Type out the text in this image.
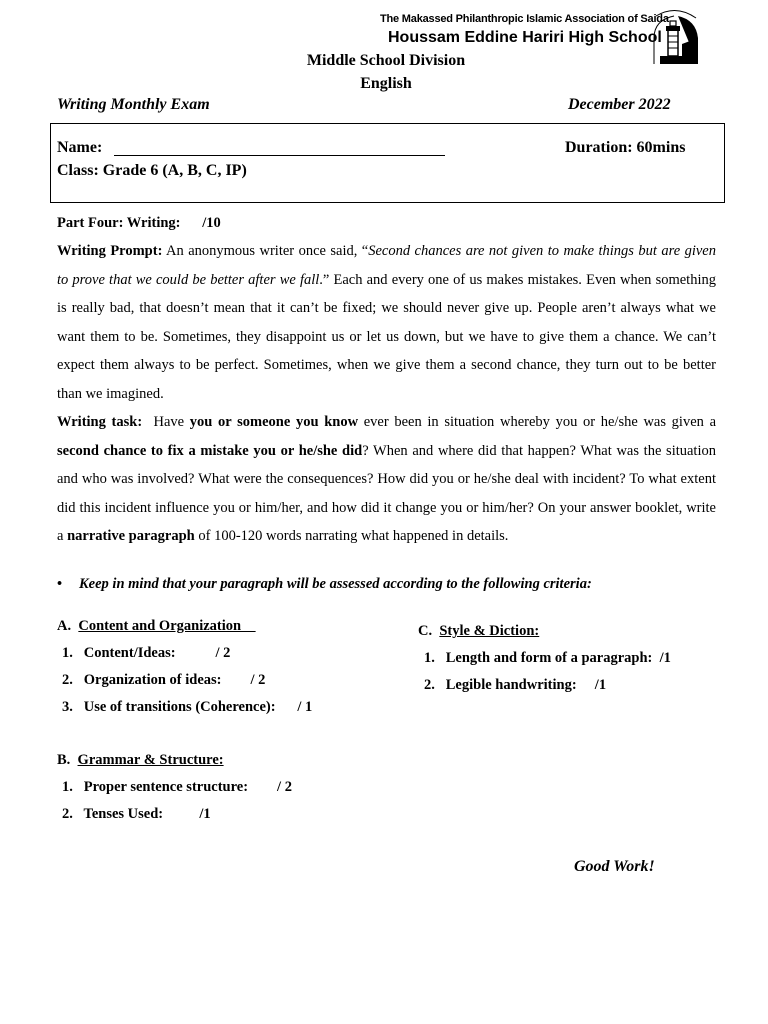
The Makassed Philanthropic Islamic Association of Saida
Houssam Eddine Hariri High School
Middle School Division
English
Writing Monthly Exam	December 2022
Name:	Duration: 60mins
Class: Grade 6 (A, B, C, IP)
Part Four: Writing: /10
Writing Prompt: An anonymous writer once said, “Second chances are not given to make things but are given to prove that we could be better after we fall.” Each and every one of us makes mistakes. Even when something is really bad, that doesn’t mean that it can’t be fixed; we should never give up. People aren’t always what we want them to be. Sometimes, they disappoint us or let us down, but we have to give them a chance. We can’t expect them always to be perfect. Sometimes, when we give them a second chance, they turn out to be better than we imagined.
Writing task:  Have you or someone you know ever been in situation whereby you or he/she was given a second chance to fix a mistake you or he/she did? When and where did that happen? What was the situation and who was involved? What were the consequences? How did you or he/she deal with incident? To what extent did this incident influence you or him/her, and how did it change you or him/her? On your answer booklet, write a narrative paragraph of 100-120 words narrating what happened in details.
• Keep in mind that your paragraph will be assessed according to the following criteria:
A. Content and Organization
1. Content/Ideas:	/ 2
2. Organization of ideas: / 2
3. Use of transitions (Coherence): / 1
B. Grammar & Structure:
1. Proper sentence structure: / 2
2. Tenses Used:	/1
C. Style & Diction:
1. Length and form of a paragraph: /1
2. Legible handwriting: /1
Good Work!
